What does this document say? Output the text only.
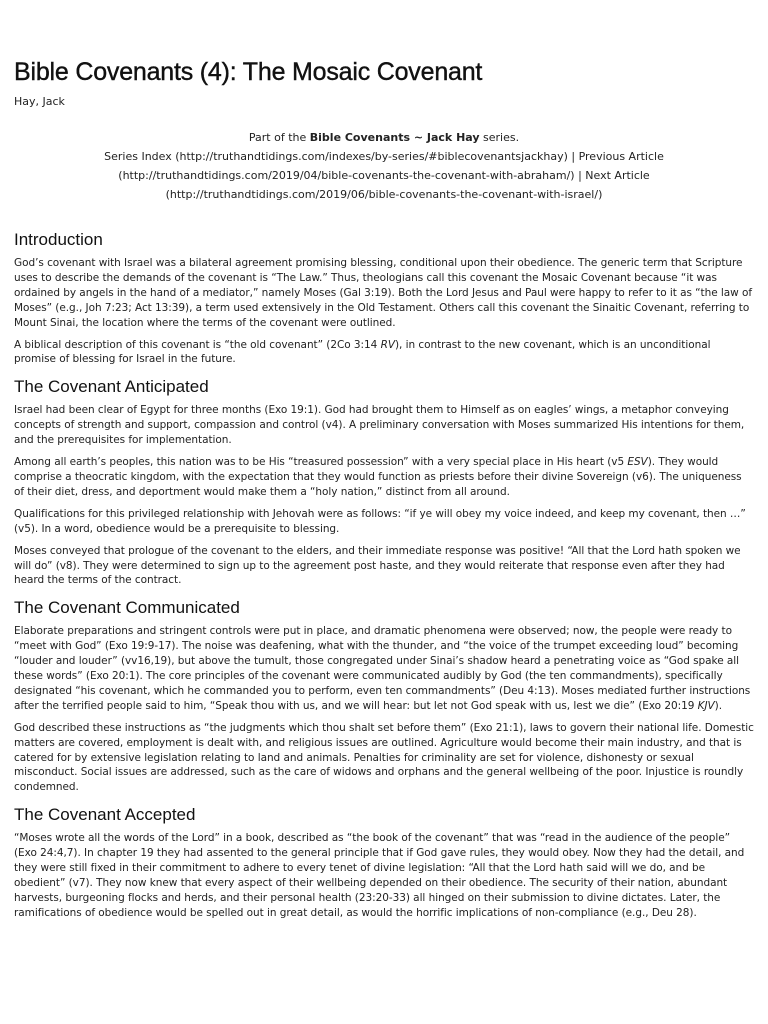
Bible Covenants (4): The Mosaic Covenant
Hay, Jack
Part of the Bible Covenants ~ Jack Hay series.
Series Index (http://truthandtidings.com/indexes/by-series/#biblecovenantsjackhay) | Previous Article
(http://truthandtidings.com/2019/04/bible-covenants-the-covenant-with-abraham/) | Next Article
(http://truthandtidings.com/2019/06/bible-covenants-the-covenant-with-israel/)
Introduction

God’s covenant with Israel was a bilateral agreement promising blessing, conditional upon their obedience. The generic term that Scripture uses to describe the demands of the covenant is “The Law.” Thus, theologians call this covenant the Mosaic Covenant because “it was ordained by angels in the hand of a mediator,” namely Moses (Gal 3:19). Both the Lord Jesus and Paul were happy to refer to it as “the law of Moses” (e.g., Joh 7:23; Act 13:39), a term used extensively in the Old Testament. Others call this covenant the Sinaitic Covenant, referring to Mount Sinai, the location where the terms of the covenant were outlined.

A biblical description of this covenant is “the old covenant” (2Co 3:14 RV), in contrast to the new covenant, which is an unconditional promise of blessing for Israel in the future.

The Covenant Anticipated

Israel had been clear of Egypt for three months (Exo 19:1). God had brought them to Himself as on eagles’ wings, a metaphor conveying concepts of strength and support, compassion and control (v4). A preliminary conversation with Moses summarized His intentions for them, and the prerequisites for implementation.

Among all earth’s peoples, this nation was to be His “treasured possession” with a very special place in His heart (v5 ESV). They would comprise a theocratic kingdom, with the expectation that they would function as priests before their divine Sovereign (v6). The uniqueness of their diet, dress, and deportment would make them a “holy nation,” distinct from all around.

Qualifications for this privileged relationship with Jehovah were as follows: “if ye will obey my voice indeed, and keep my covenant, then …” (v5). In a word, obedience would be a prerequisite to blessing.

Moses conveyed that prologue of the covenant to the elders, and their immediate response was positive! “All that the Lord hath spoken we will do” (v8). They were determined to sign up to the agreement post haste, and they would reiterate that response even after they had heard the terms of the contract.

The Covenant Communicated

Elaborate preparations and stringent controls were put in place, and dramatic phenomena were observed; now, the people were ready to “meet with God” (Exo 19:9-17). The noise was deafening, what with the thunder, and “the voice of the trumpet exceeding loud” becoming “louder and louder” (vv16,19), but above the tumult, those congregated under Sinai’s shadow heard a penetrating voice as “God spake all these words” (Exo 20:1). The core principles of the covenant were communicated audibly by God (the ten commandments), specifically designated “his covenant, which he commanded you to perform, even ten commandments” (Deu 4:13). Moses mediated further instructions after the terrified people said to him, “Speak thou with us, and we will hear: but let not God speak with us, lest we die” (Exo 20:19 KJV).

God described these instructions as “the judgments which thou shalt set before them” (Exo 21:1), laws to govern their national life. Domestic matters are covered, employment is dealt with, and religious issues are outlined. Agriculture would become their main industry, and that is catered for by extensive legislation relating to land and animals. Penalties for criminality are set for violence, dishonesty or sexual misconduct. Social issues are addressed, such as the care of widows and orphans and the general wellbeing of the poor. Injustice is roundly condemned.

The Covenant Accepted

“Moses wrote all the words of the Lord” in a book, described as “the book of the covenant” that was “read in the audience of the people” (Exo 24:4,7). In chapter 19 they had assented to the general principle that if God gave rules, they would obey. Now they had the detail, and they were still fixed in their commitment to adhere to every tenet of divine legislation: “All that the Lord hath said will we do, and be obedient” (v7). They now knew that every aspect of their wellbeing depended on their obedience. The security of their nation, abundant harvests, burgeoning flocks and herds, and their personal health (23:20-33) all hinged on their submission to divine dictates. Later, the ramifications of obedience would be spelled out in great detail, as would the horrific implications of non-compliance (e.g., Deu 28).
